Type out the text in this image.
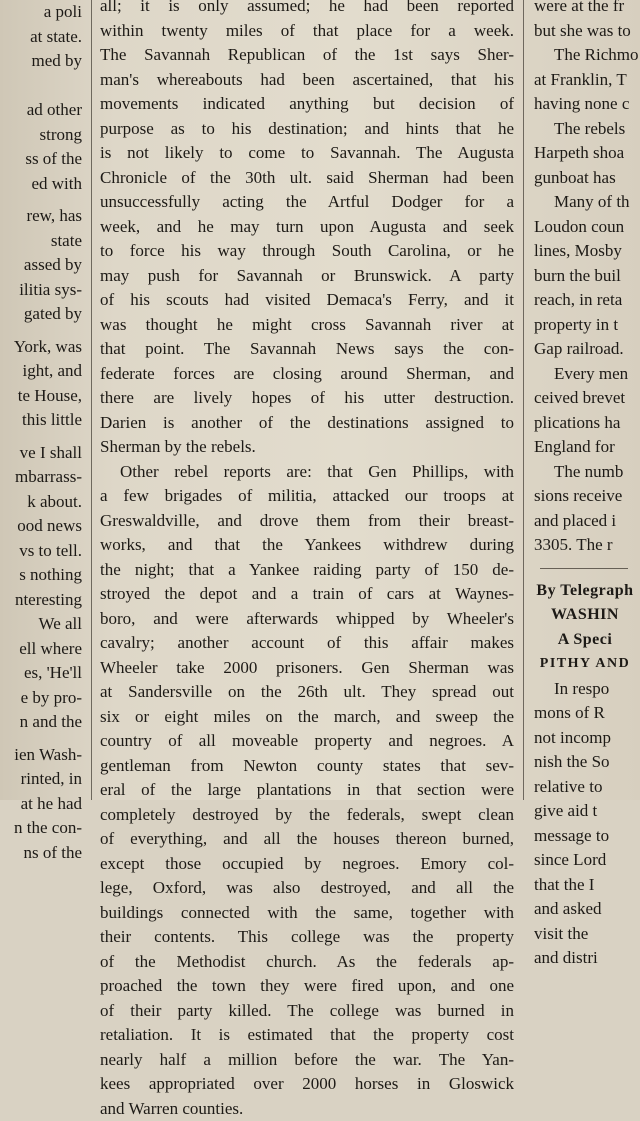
a poli
at state.
med by
ad other
strong
ss of the
ed with
rew, has
state
assed by
ilitia sys-
gated by
York, was
ight, and
te House,
this little
ve I shall
mbarrass-
k about.
ood news
vs to tell.
s nothing
nteresting
We all
ell where
es, 'He'll
e by pro-
n and the
ien Wash-
rinted, in
at he had
n the con-
ns of the
all; it is only assumed; he had been reported
within twenty miles of that place for a week.
The Savannah Republican of the 1st says Sher-
man's whereabouts had been ascertained, that his
movements indicated anything but decision of
purpose as to his destination; and hints that he
is not likely to come to Savannah. The Augusta
Chronicle of the 30th ult. said Sherman had been
unsuccessfully acting the Artful Dodger for a
week, and he may turn upon Augusta and seek
to force his way through South Carolina, or he
may push for Savannah or Brunswick. A party
of his scouts had visited Demaca's Ferry, and it
was thought he might cross Savannah river at
that point. The Savannah News says the con-
federate forces are closing around Sherman, and
there are lively hopes of his utter destruction.
Darien is another of the destinations assigned to
Sherman by the rebels.
Other rebel reports are: that Gen Phillips, with
a few brigades of militia, attacked our troops at
Greswaldville, and drove them from their breast-
works, and that the Yankees withdrew during
the night; that a Yankee raiding party of 150 de-
stroyed the depot and a train of cars at Waynes-
boro, and were afterwards whipped by Wheeler's
cavalry; another account of this affair makes
Wheeler take 2000 prisoners. Gen Sherman was
at Sandersville on the 26th ult. They spread out
six or eight miles on the march, and sweep the
country of all moveable property and negroes. A
gentleman from Newton county states that sev-
eral of the large plantations in that section were
completely destroyed by the federals, swept clean
of everything, and all the houses thereon burned,
except those occupied by negroes. Emory col-
lege, Oxford, was also destroyed, and all the
buildings connected with the same, together with
their contents. This college was the property
of the Methodist church. As the federals ap-
proached the town they were fired upon, and one
of their party killed. The college was burned in
retaliation. It is estimated that the property cost
nearly half a million before the war. The Yan-
kees appropriated over 2000 horses in Gloswick
and Warren counties.
were at the fr
but she was to
The Richmo
at Franklin, T
having none c
The rebels
Harpeth shoa
gunboat has
Many of th
Loudon coun
lines, Mosby
burn the buil
reach, in reta
property in t
Gap railroad.
Every men
ceived brevet
plications ha
England for
The numb
sions receive
and placed i
3305. The r
By Telegraph
WASHIN
A Speci
PITHY AND
In respo
mons of R
not incomp
nish the So
relative to
give aid t
message to
since Lord
that the I
and asked
visit the
and distri
